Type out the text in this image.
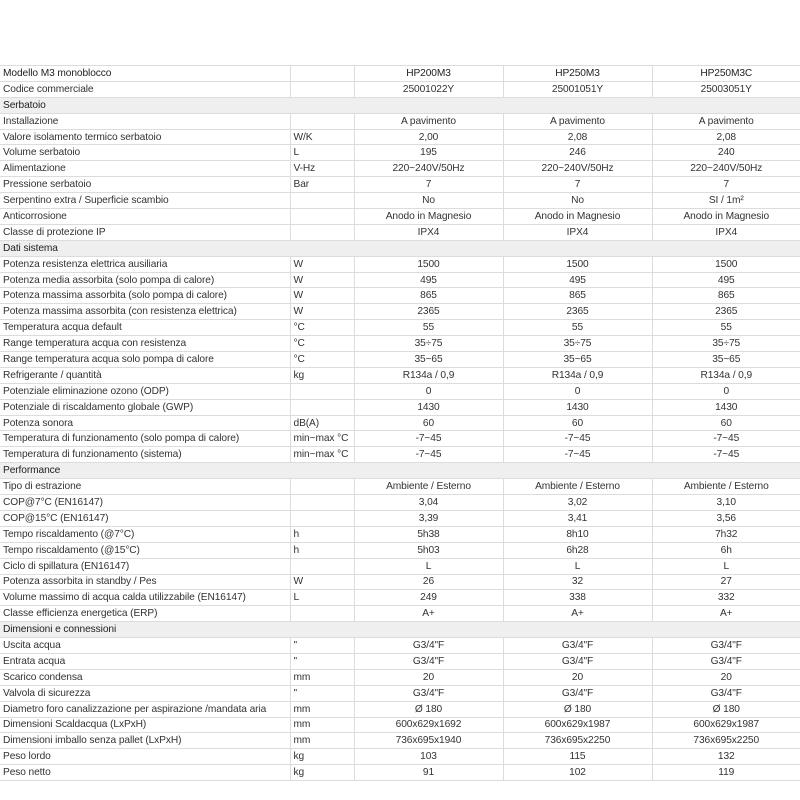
Modello M3 monoblocco		HP200M3	HP250M3	HP250M3C
Codice commerciale		25001022Y	25001051Y	25003051Y
Serbatoio				
Installazione		A pavimento	A pavimento	A pavimento
Valore isolamento termico serbatoio	W/K	2,00	2,08	2,08
Volume serbatoio	L	195	246	240
Alimentazione	V-Hz	220~240V/50Hz	220~240V/50Hz	220~240V/50Hz
Pressione serbatoio	Bar	7	7	7
Serpentino extra / Superficie scambio		No	No	SI / 1m²
Anticorrosione		Anodo in Magnesio	Anodo in Magnesio	Anodo in Magnesio
Classe di protezione IP		IPX4	IPX4	IPX4
Dati sistema				
Potenza resistenza elettrica ausiliaria	W	1500	1500	1500
Potenza media assorbita (solo pompa di calore)	W	495	495	495
Potenza massima assorbita (solo pompa di calore)	W	865	865	865
Potenza massima assorbita (con resistenza elettrica)	W	2365	2365	2365
Temperatura acqua default	°C	55	55	55
Range temperatura acqua con resistenza	°C	35÷75	35÷75	35÷75
Range temperatura acqua solo pompa di calore	°C	35~65	35~65	35~65
Refrigerante / quantità	kg	R134a / 0,9	R134a / 0,9	R134a / 0,9
Potenziale eliminazione ozono (ODP)		0	0	0
Potenziale di riscaldamento globale (GWP)		1430	1430	1430
Potenza sonora	dB(A)	60	60	60
Temperatura di funzionamento (solo pompa di calore)	min~max °C	-7~45	-7~45	-7~45
Temperatura di funzionamento (sistema)	min~max °C	-7~45	-7~45	-7~45
Performance				
Tipo di estrazione		Ambiente / Esterno	Ambiente / Esterno	Ambiente / Esterno
COP@7°C (EN16147)		3,04	3,02	3,10
COP@15°C (EN16147)		3,39	3,41	3,56
Tempo riscaldamento (@7°C)	h	5h38	8h10	7h32
Tempo riscaldamento (@15°C)	h	5h03	6h28	6h
Ciclo di spillatura (EN16147)		L	L	L
Potenza assorbita in standby / Pes	W	26	32	27
Volume massimo di acqua calda utilizzabile (EN16147)	L	249	338	332
Classe efficienza energetica (ERP)		A+	A+	A+
Dimensioni e connessioni				
Uscita acqua	"	G3/4"F	G3/4"F	G3/4"F
Entrata acqua	"	G3/4"F	G3/4"F	G3/4"F
Scarico condensa	mm	20	20	20
Valvola di sicurezza	"	G3/4"F	G3/4"F	G3/4"F
Diametro foro canalizzazione per aspirazione /mandata aria	mm	Ø 180	Ø 180	Ø 180
Dimensioni Scaldacqua (LxPxH)	mm	600x629x1692	600x629x1987	600x629x1987
Dimensioni imballo senza pallet (LxPxH)	mm	736x695x1940	736x695x2250	736x695x2250
Peso lordo	kg	103	115	132
Peso netto	kg	91	102	119
